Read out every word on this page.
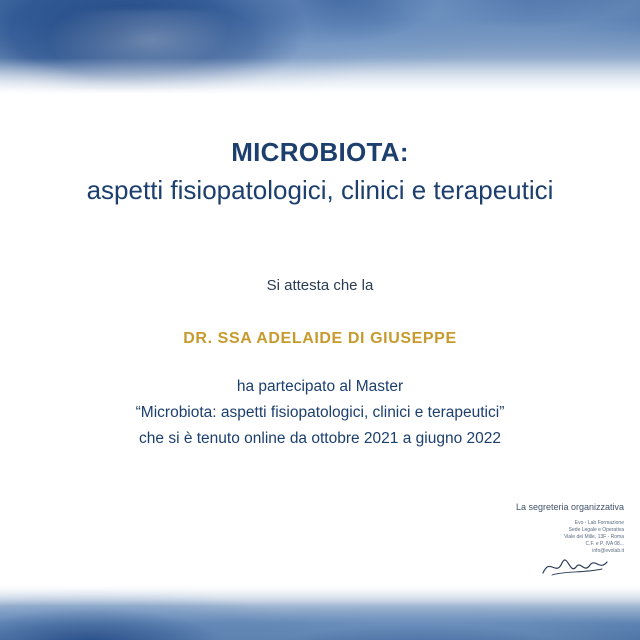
MICROBIOTA:
aspetti fisiopatologici, clinici e terapeutici
Si attesta che la
DR. SSA ADELAIDE DI GIUSEPPE
ha partecipato al Master
“Microbiota: aspetti fisiopatologici, clinici e terapeutici”
che si è tenuto online da ottobre 2021 a giugno 2022
La segreteria organizzativa
Evo - Lab Formazione
Sede Legale e Operativa
Viale dei Mille, 13F - Roma
C.F. e P. IVA 08...
info@evolab.it
